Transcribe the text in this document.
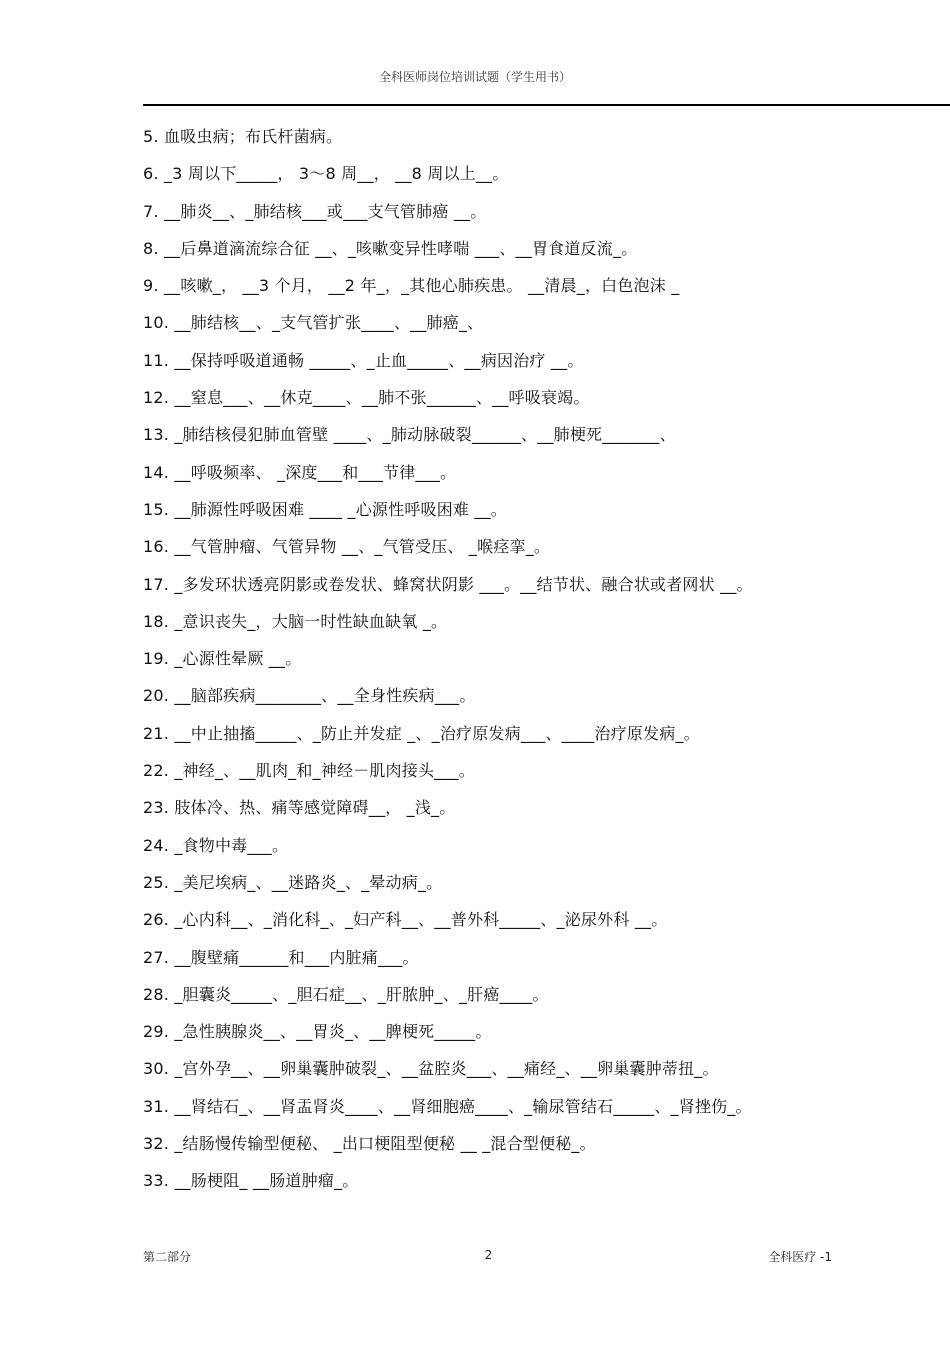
全科医师岗位培训试题（学生用书）
5. 血吸虫病；布氏杆菌病。
6. _3 周以下_____， 3～8 周__， __8 周以上__。
7. __肺炎__、_肺结核___或___支气管肺癌 __。
8. __后鼻道滴流综合征 __、_咳嗽变异性哮喘 ___、__胃食道反流_。
9. __咳嗽_， __3 个月， __2 年_，_其他心肺疾患。 __清晨_，白色泡沫 _
10. __肺结核__、_支气管扩张____、__肺癌_、
11. __保持呼吸道通畅 _____、_止血_____、__病因治疗 __。
12. __窒息___、__休克____、__肺不张______、__呼吸衰竭。
13. _肺结核侵犯肺血管壁 ____、_肺动脉破裂______、__肺梗死_______、
14. __呼吸频率、 _深度___和___节律___。
15. __肺源性呼吸困难 ____ _心源性呼吸困难 __。
16. __气管肿瘤、气管异物 __、_气管受压、 _喉痉挛_。
17. _多发环状透亮阴影或卷发状、蜂窝状阴影 ___。__结节状、融合状或者网状 __。
18. _意识丧失_，大脑一时性缺血缺氧 _。
19. _心源性晕厥 __。
20. __脑部疾病________、__全身性疾病___。
21. __中止抽搐_____、_防止并发症 _、_治疗原发病___、____治疗原发病_。
22. _神经_、__肌肉_和_神经－肌肉接头___。
23. 肢体冷、热、痛等感觉障碍__， _浅_。
24. _食物中毒___。
25. _美尼埃病_、__迷路炎_、_晕动病_。
26. _心内科__、_消化科_、_妇产科__、__普外科_____、_泌尿外科 __。
27. __腹壁痛______和___内脏痛___。
28. _胆囊炎_____、_胆石症__、_肝脓肿_、_肝癌____。
29. _急性胰腺炎__、__胃炎_、__脾梗死_____。
30. _宫外孕__、__卵巢囊肿破裂_、__盆腔炎___、__痛经_、__卵巢囊肿蒂扭_。
31. __肾结石_、__肾盂肾炎____、__肾细胞癌____、_输尿管结石_____、_肾挫伤_。
32. _结肠慢传输型便秘、 _出口梗阻型便秘 __ _混合型便秘_。
33. __肠梗阻_ __肠道肿瘤_。
第二部分	2	全科医疗 -1
